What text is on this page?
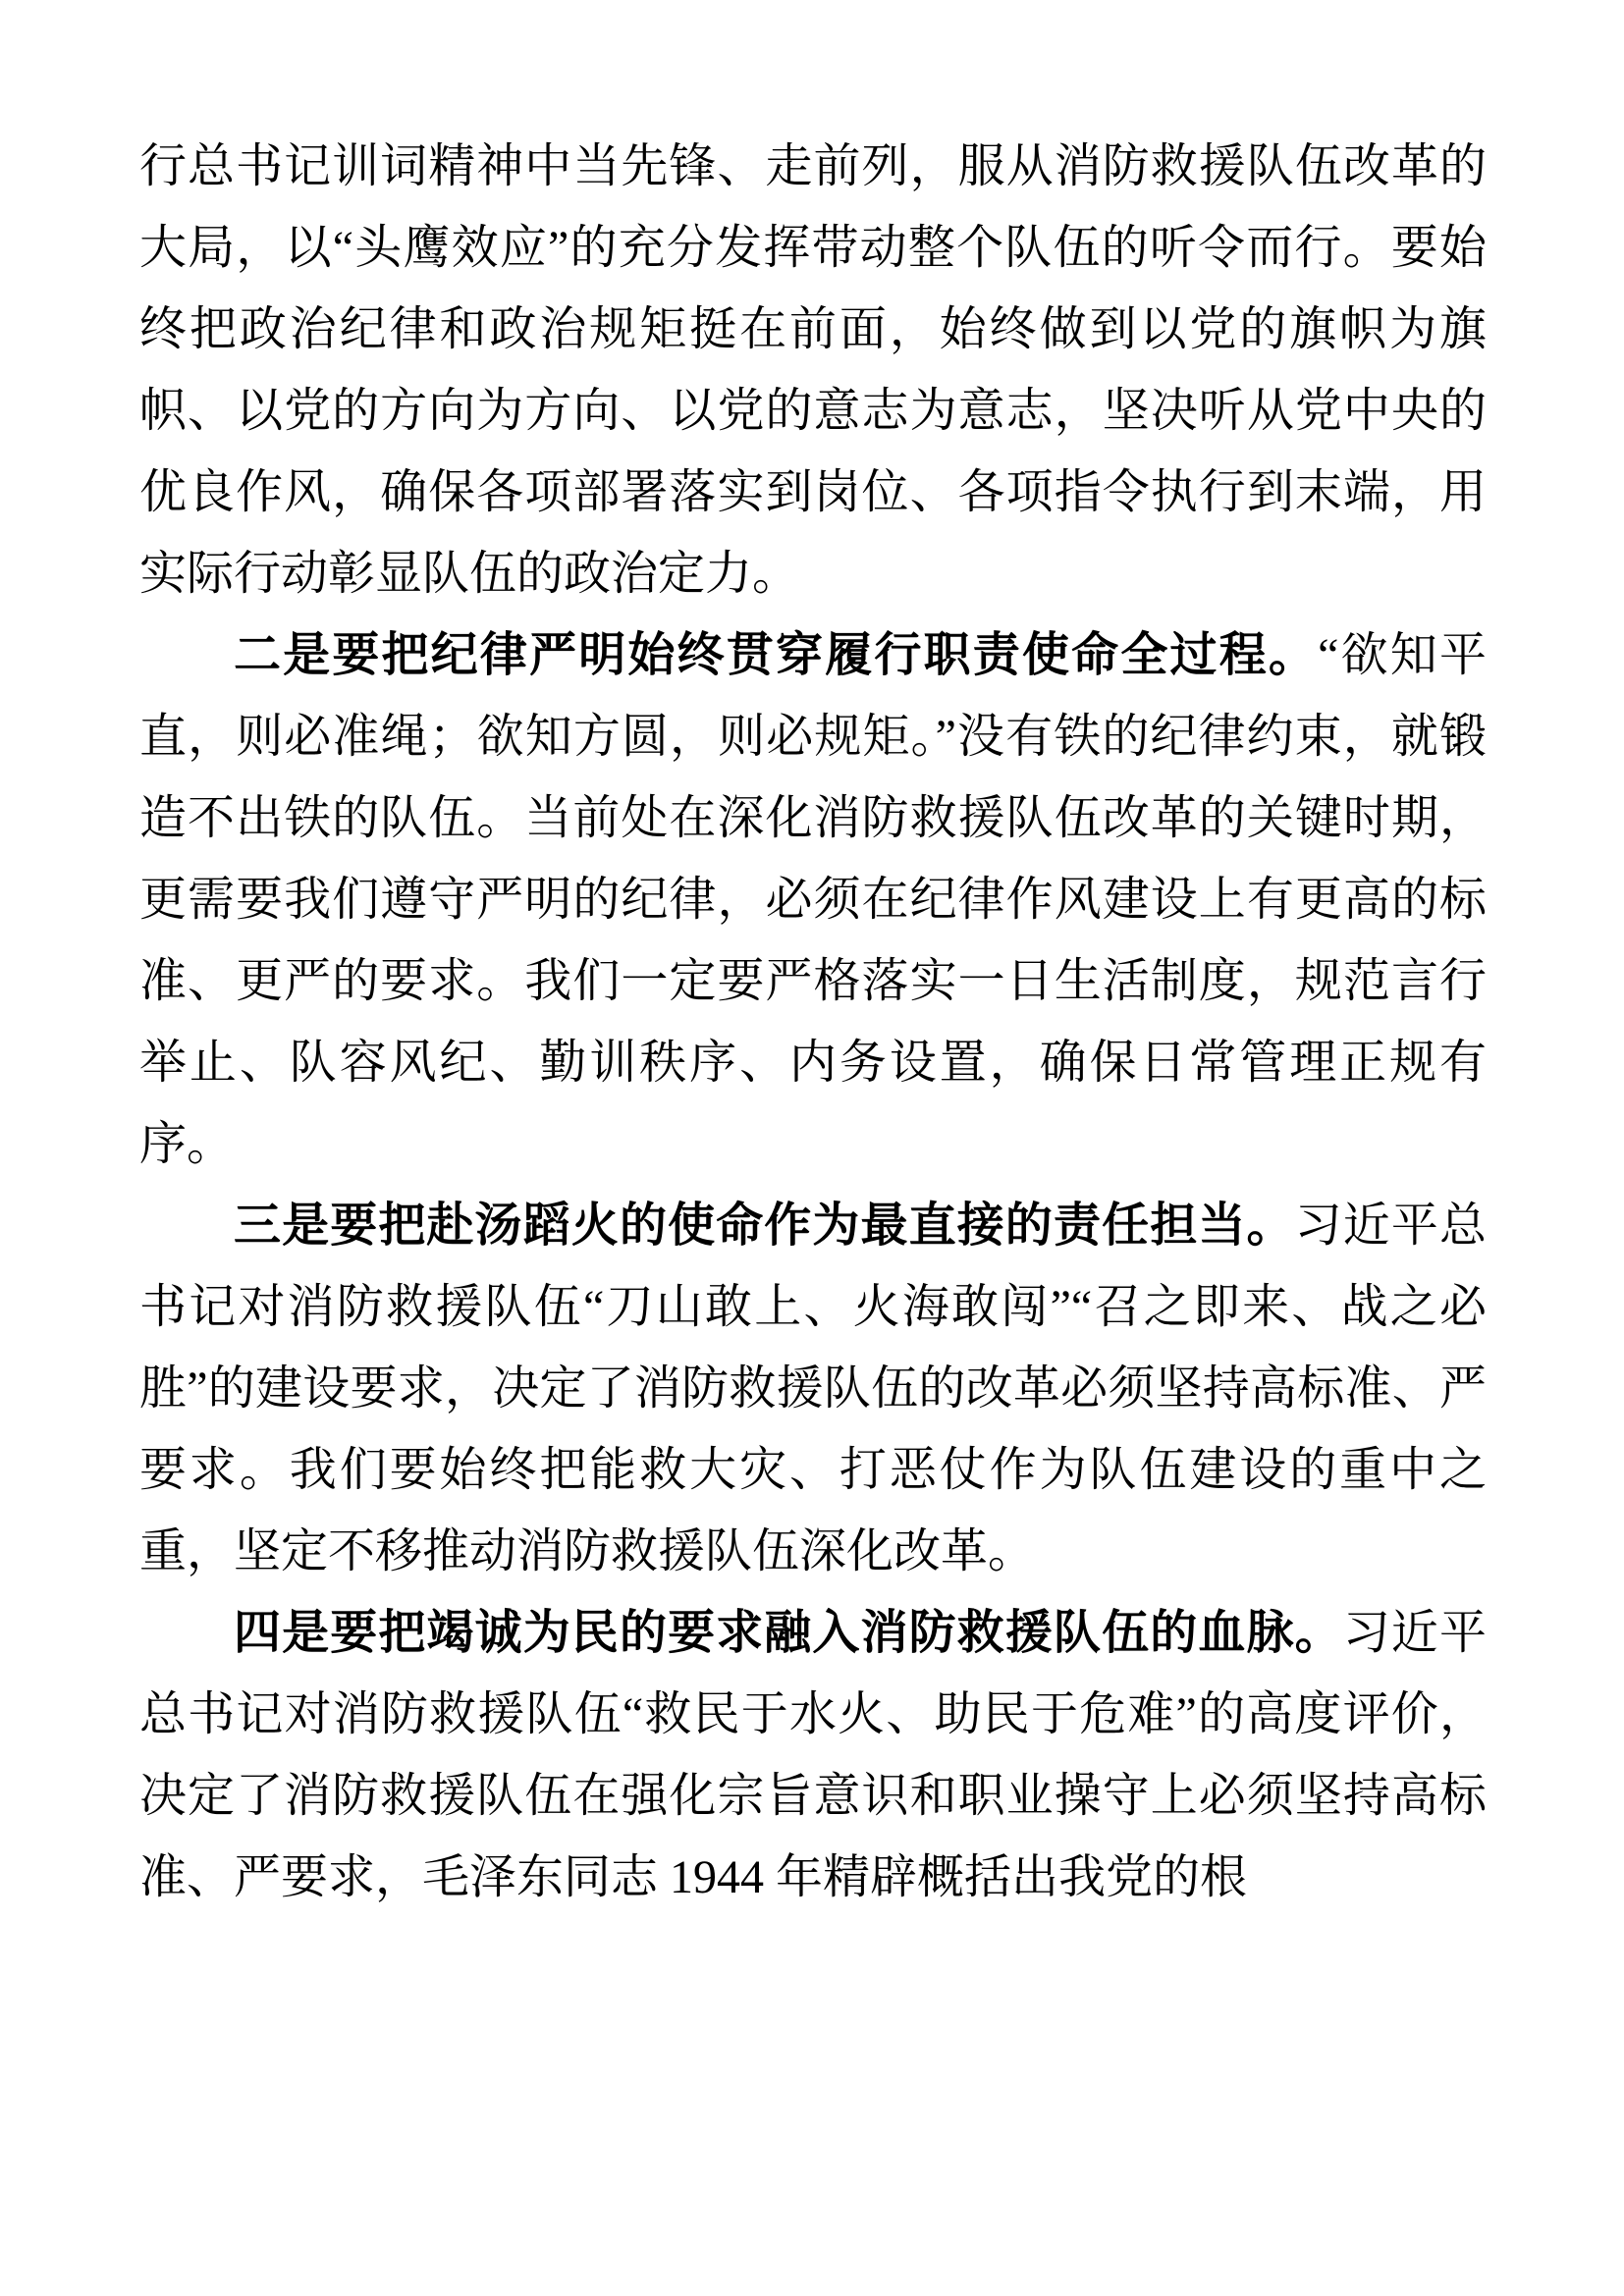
行总书记训词精神中当先锋、走前列，服从消防救援队伍改革的大局，以“头鹰效应”的充分发挥带动整个队伍的听令而行。要始终把政治纪律和政治规矩挺在前面，始终做到以党的旗帜为旗帜、以党的方向为方向、以党的意志为意志，坚决听从党中央的优良作风，确保各项部署落实到岗位、各项指令执行到末端，用实际行动彰显队伍的政治定力。

二是要把纪律严明始终贯穿履行职责使命全过程。“欲知平直，则必准绳；欲知方圆，则必规矩。”没有铁的纪律约束，就锻造不出铁的队伍。当前处在深化消防救援队伍改革的关键时期，更需要我们遵守严明的纪律，必须在纪律作风建设上有更高的标准、更严的要求。我们一定要严格落实一日生活制度，规范言行举止、队容风纪、勤训秩序、内务设置，确保日常管理正规有序。

三是要把赴汤蹈火的使命作为最直接的责任担当。习近平总书记对消防救援队伍“刀山敢上、火海敢闯”“召之即来、战之必胜”的建设要求，决定了消防救援队伍的改革必须坚持高标准、严要求。我们要始终把能救大灾、打恶仗作为队伍建设的重中之重，坚定不移推动消防救援队伍深化改革。

四是要把竭诚为民的要求融入消防救援队伍的血脉。习近平总书记对消防救援队伍“救民于水火、助民于危难”的高度评价，决定了消防救援队伍在强化宗旨意识和职业操守上必须坚持高标准、严要求，毛泽东同志 1944 年精辟概括出我党的根
